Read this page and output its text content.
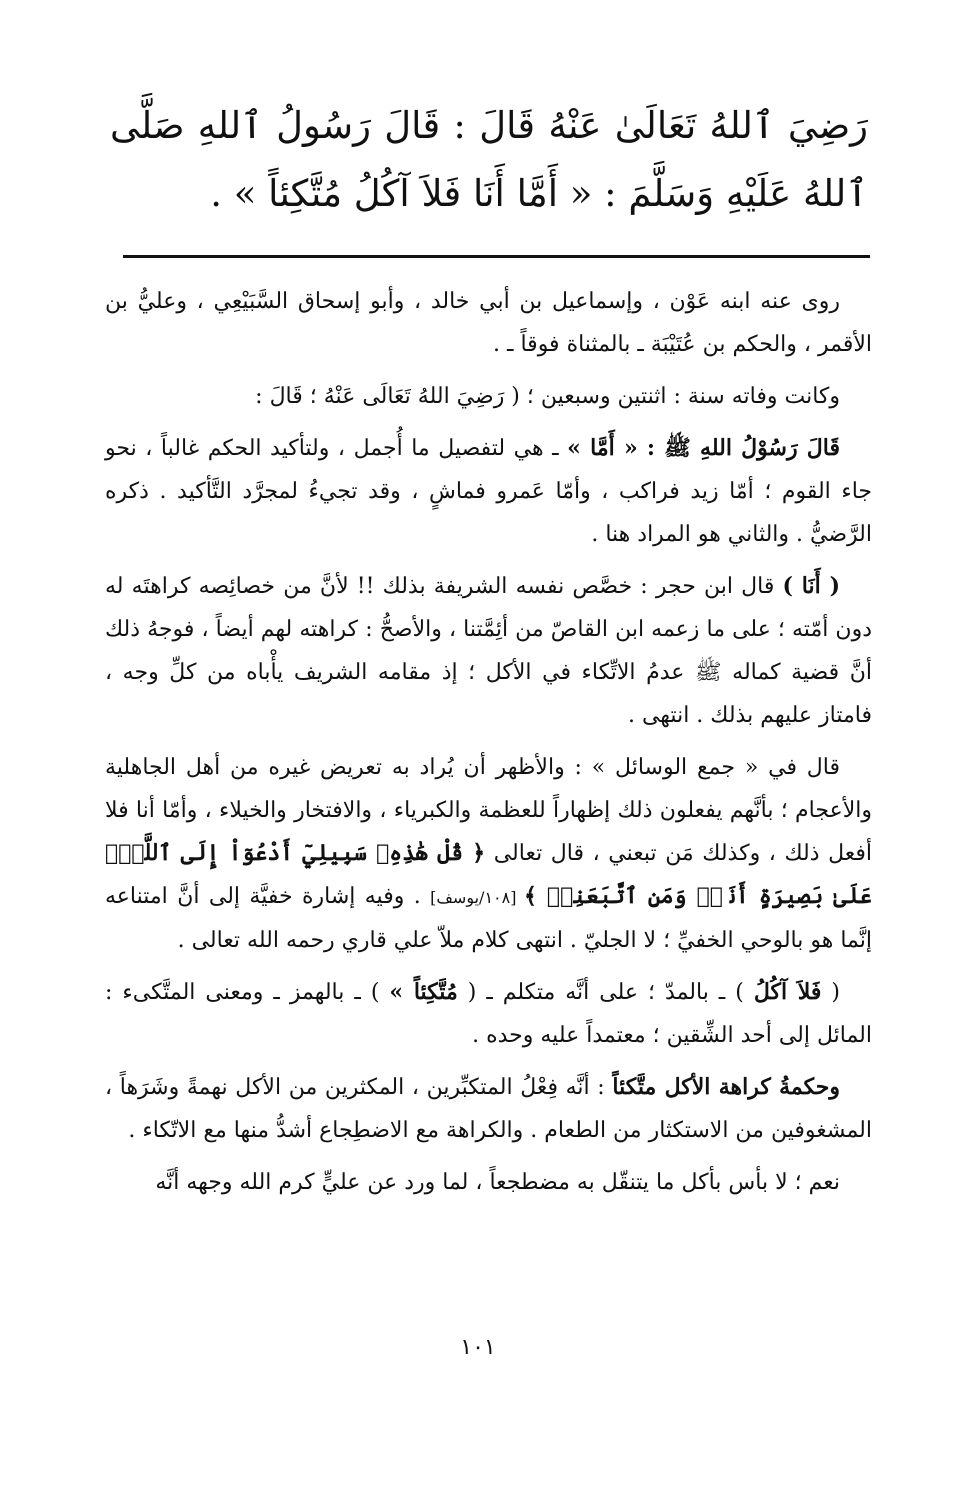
رَضِيَ ٱللهُ تَعَالَىٰ عَنْهُ قَالَ : قَالَ رَسُولُ ٱللهِ صَلَّى ٱللهُ عَلَيْهِ وَسَلَّمَ : « أَمَّا أَنَا فَلاَ آكُلُ مُتَّكِئاً » .

روى عنه ابنه عَوْن ، وإسماعيل بن أبي خالد ، وأبو إسحاق السَّبَيْعِي ، وعليُّ بن الأقمر ، والحكم بن عُتَيْبَة ـ بالمثناة فوقاً ـ .

وكانت وفاته سنة : اثنتين وسبعين ؛ ( رَضِيَ اللهُ تَعَالَى عَنْهُ ؛ قَالَ :

قَالَ رَسُوْلُ اللهِ ﷺ : « أَمَّا » ـ هي لتفصيل ما أُجمل ، ولتأكيد الحكم غالباً ، نحو جاء القوم ؛ أمّا زيد فراكب ، وأمّا عَمرو فماشٍ ، وقد تجيءُ لمجرَّد التَّأكيد . ذكره الرَّضيُّ . والثاني هو المراد هنا .

( أَنَا ) قال ابن حجر : خصَّص نفسه الشريفة بذلك !! لأنَّ من خصائِصه كراهتَه له دون أمّته ؛ على ما زعمه ابن القاصّ من أئِمَّتنا ، والأصحُّ : كراهته لهم أيضاً ، فوجهُ ذلك أنَّ قضية كماله ﷺ عدمُ الاتِّكاء في الأكل ؛ إذ مقامه الشريف يأْباه من كلِّ وجه ، فامتاز عليهم بذلك . انتهى .

قال في « جمع الوسائل » : والأظهر أن يُراد به تعريض غيره من أهل الجاهلية والأعجام ؛ بأنَّهم يفعلون ذلك إظهاراً للعظمة والكبرياء ، والافتخار والخيلاء ، وأمّا أنا فلا أفعل ذلك ، وكذلك مَن تبعني ، قال تعالى ﴿ قُلْ هَٰذِهِۦ سَبِيلِيٓ أَدْعُوٓاْ إِلَى ٱللَّهِۚ عَلَىٰ بَصِيرَةٍ أَنَا۠ وَمَنِ ٱتَّبَعَنِيۖ ﴾ [١٠٨/يوسف] . وفيه إشارة خفيَّة إلى أنَّ امتناعه إنَّما هو بالوحي الخفيِّ ؛ لا الجليّ . انتهى كلام ملاّ علي قاري رحمه الله تعالى .

( فَلاَ آكُلُ ) ـ بالمدّ ؛ على أنَّه متكلم ـ ( مُتَّكِئاً » ) ـ بالهمز ـ ومعنى المتَّكىء : المائل إلى أحد الشِّقين ؛ معتمداً عليه وحده .

وحكمةُ كراهة الأكل متَّكئاً : أنَّه فِعْلُ المتكبِّرين ، المكثرين من الأكل نهمةً وشَرَهاً ، المشغوفين من الاستكثار من الطعام . والكراهة مع الاضطِجاع أشدُّ منها مع الاتّكاء .

نعم ؛ لا بأس بأكل ما يتنقّل به مضطجعاً ، لما ورد عن عليٍّ كرم الله وجهه أنَّه

١٠١
